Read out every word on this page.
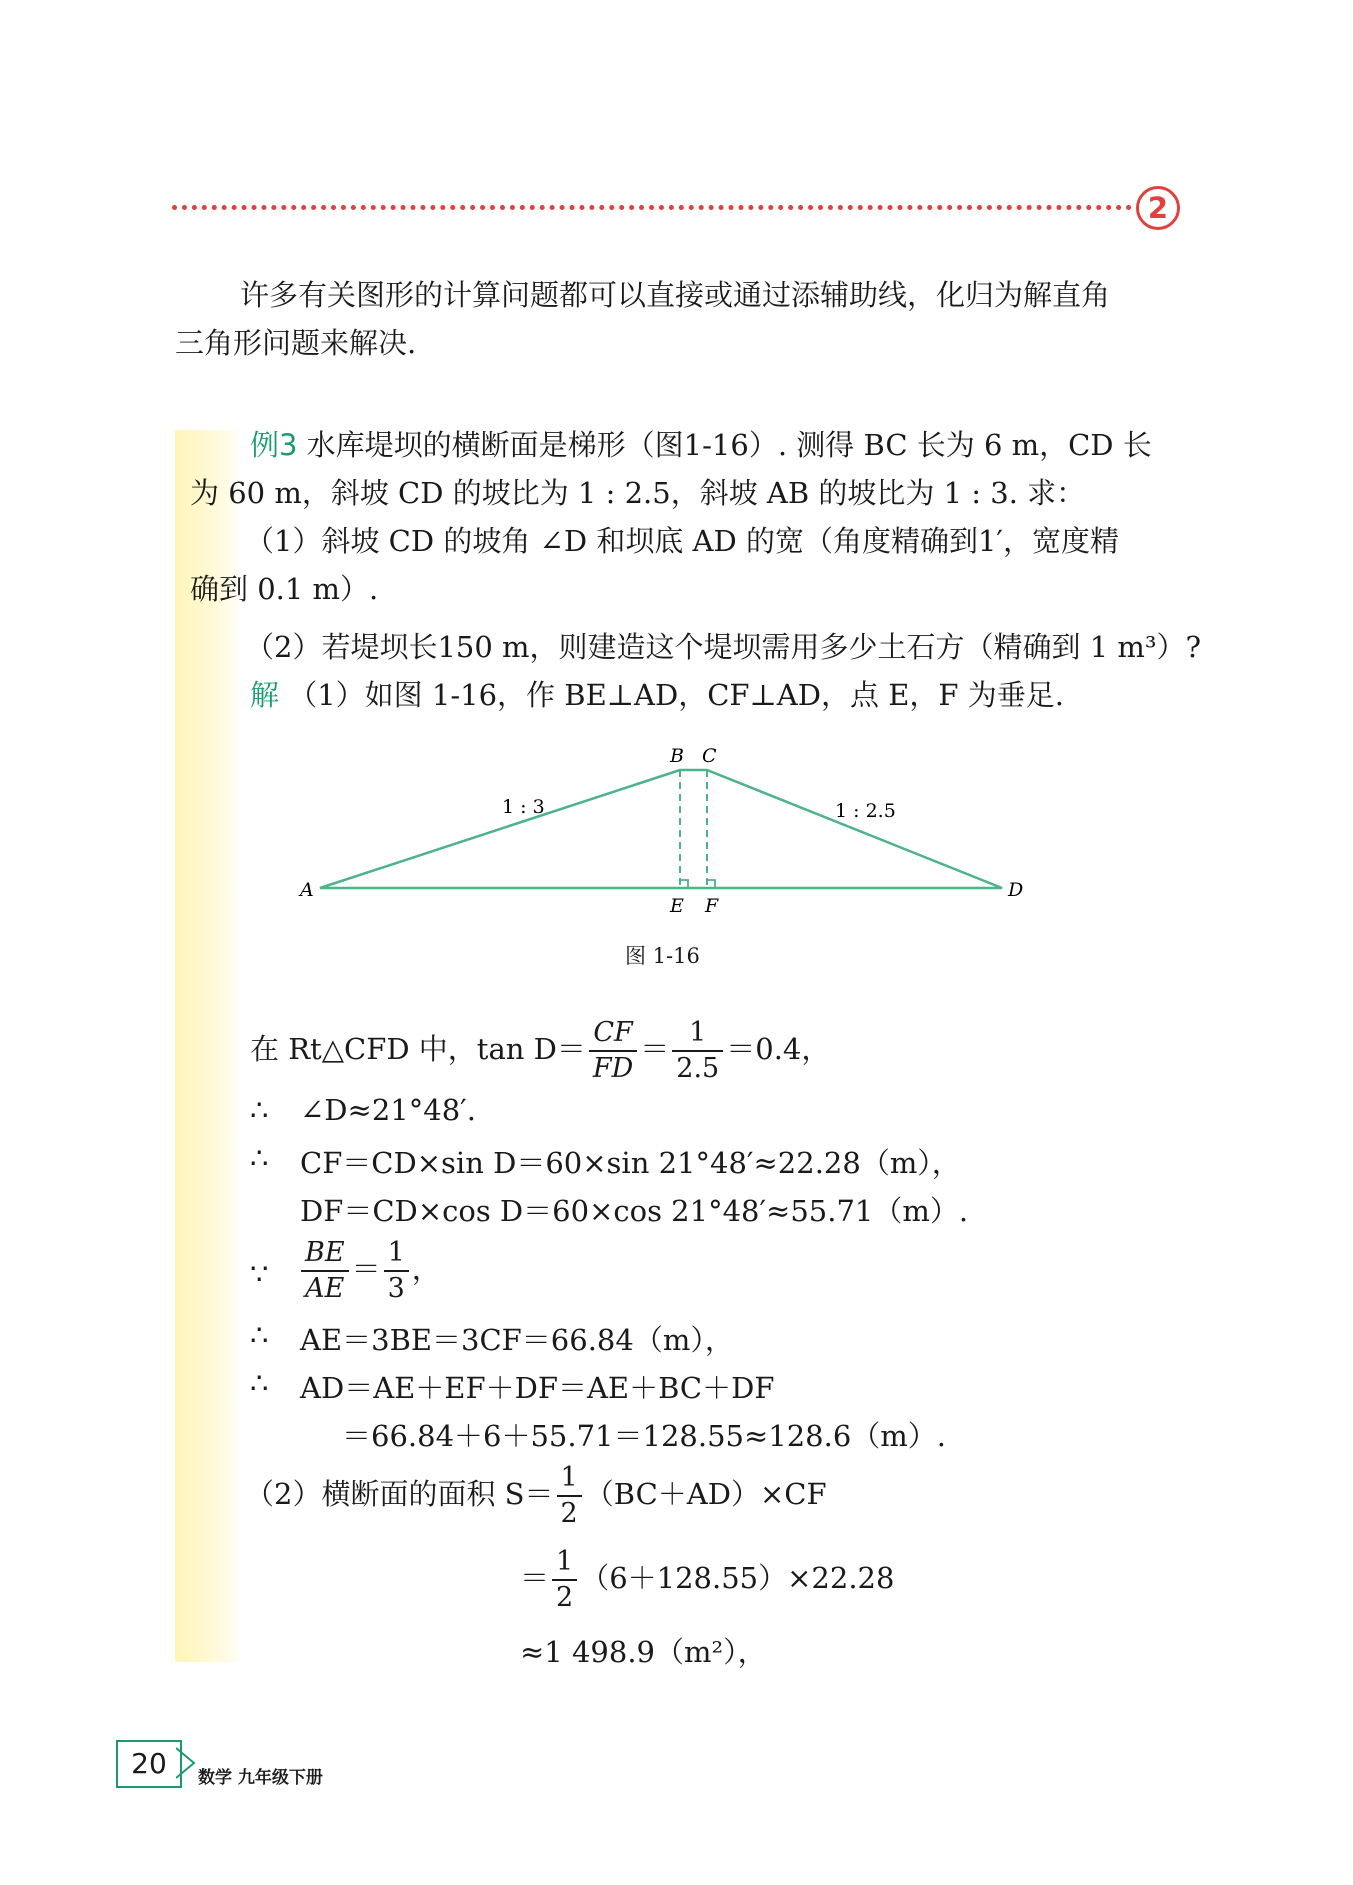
2
许多有关图形的计算问题都可以直接或通过添辅助线，化归为解直角
三角形问题来解决.
例3 水库堤坝的横断面是梯形（图1-16）. 测得 BC 长为 6 m，CD 长
为 60 m，斜坡 CD 的坡比为 1 : 2.5，斜坡 AB 的坡比为 1 : 3. 求：
（1）斜坡 CD 的坡角 ∠D 和坝底 AD 的宽（角度精确到1′，宽度精
确到 0.1 m）.
（2）若堤坝长150 m，则建造这个堤坝需用多少土石方（精确到 1 m³）?
解 （1）如图 1-16，作 BE⊥AD，CF⊥AD，点 E，F 为垂足.
A
B C
D
E F
1 : 3	1 : 2.5
图 1-16
在 Rt△CFD 中，$\tan D= \frac{CF}{FD} = \frac{1}{2.5} =0.4$，
∴ ∠D≈21°48′.
∴ CF＝CD×sin D＝60×sin 21°48′≈22.28（m），
DF＝CD×cos D＝60×cos 21°48′≈55.71（m）.
∵ $\frac{BE}{AE} = \frac{1}{3}$ ，
∴ AE＝3BE＝3CF＝66.84（m），
∴ AD＝AE＋EF＋DF＝AE＋BC＋DF
＝66.84＋6＋55.71＝128.55≈128.6（m）.
（2）横断面的面积 $S= \frac{1}{2} (BC+AD)\times CF$
＝ $\frac{1}{2} (6+128.55)\times 22.28$
≈1 498.9（m²），
20	数学 九年级下册
